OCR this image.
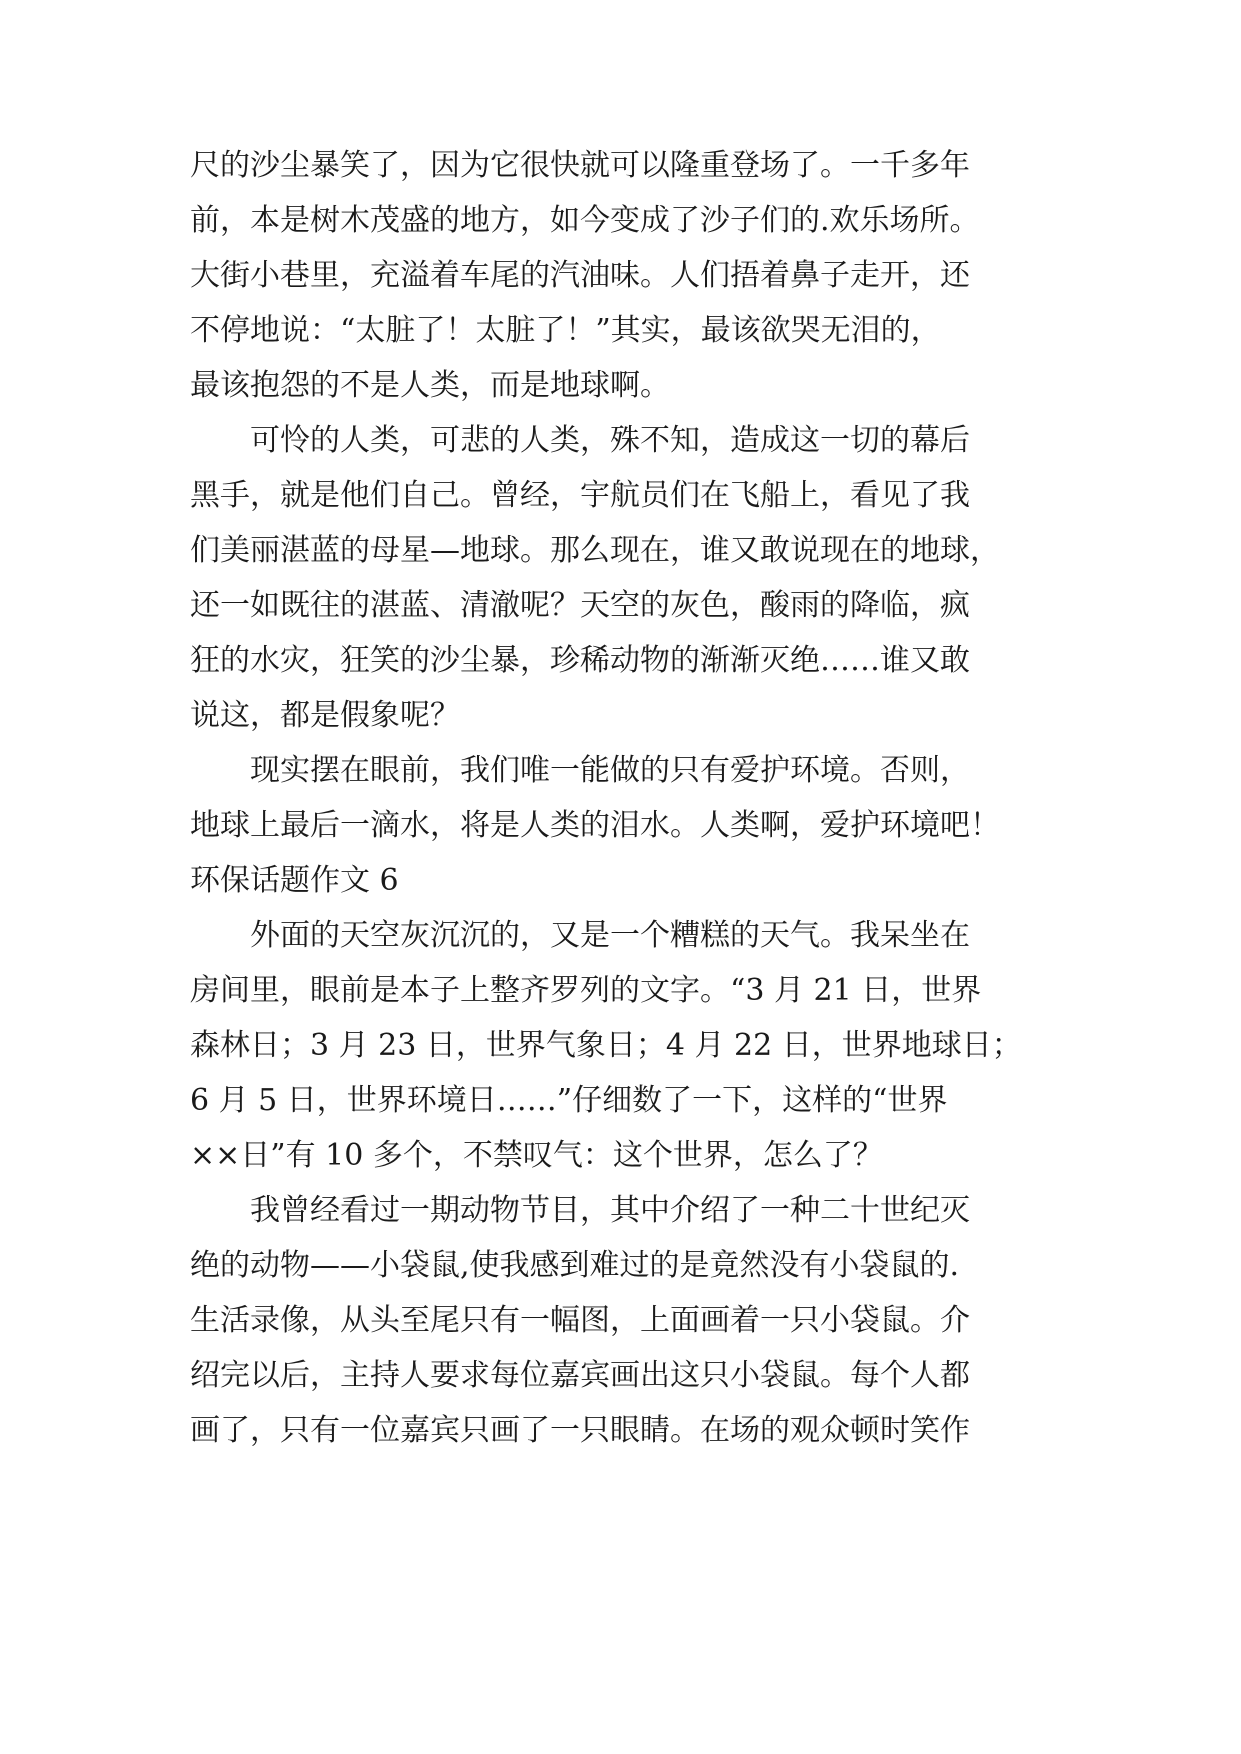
尺的沙尘暴笑了，因为它很快就可以隆重登场了。一千多年
前，本是树木茂盛的地方，如今变成了沙子们的.欢乐场所。
大街小巷里，充溢着车尾的汽油味。人们捂着鼻子走开，还
不停地说：“太脏了！太脏了！”其实，最该欲哭无泪的，
最该抱怨的不是人类，而是地球啊。
可怜的人类，可悲的人类，殊不知，造成这一切的幕后
黑手，就是他们自己。曾经，宇航员们在飞船上，看见了我
们美丽湛蓝的母星—地球。那么现在，谁又敢说现在的地球，
还一如既往的湛蓝、清澈呢？天空的灰色，酸雨的降临，疯
狂的水灾，狂笑的沙尘暴，珍稀动物的渐渐灭绝……谁又敢
说这，都是假象呢？
现实摆在眼前，我们唯一能做的只有爱护环境。否则，
地球上最后一滴水，将是人类的泪水。人类啊，爱护环境吧！
环保话题作文 6
外面的天空灰沉沉的，又是一个糟糕的天气。我呆坐在
房间里，眼前是本子上整齐罗列的文字。“3 月 21 日，世界
森林日；3 月 23 日，世界气象日；4 月 22 日，世界地球日；
6 月 5 日，世界环境日……”仔细数了一下，这样的“世界
××日”有 10 多个，不禁叹气：这个世界，怎么了？
我曾经看过一期动物节目，其中介绍了一种二十世纪灭
绝的动物——小袋鼠,使我感到难过的是竟然没有小袋鼠的.
生活录像，从头至尾只有一幅图，上面画着一只小袋鼠。介
绍完以后，主持人要求每位嘉宾画出这只小袋鼠。每个人都
画了，只有一位嘉宾只画了一只眼睛。在场的观众顿时笑作
